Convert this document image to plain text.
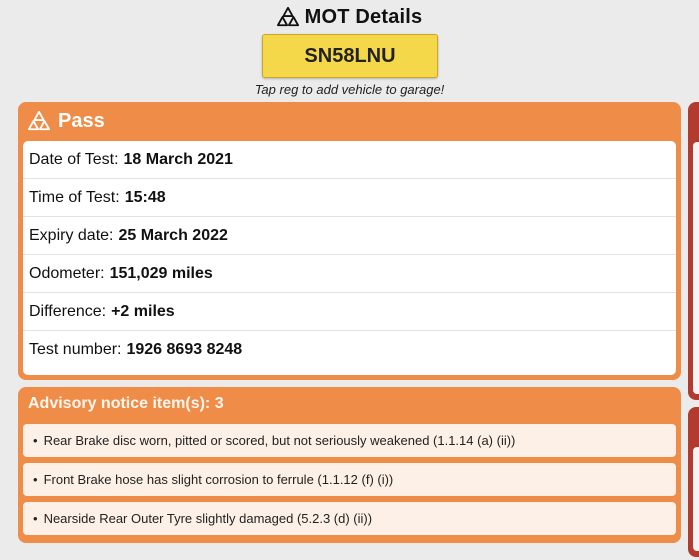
MOT Details
SN58LNU
Tap reg to add vehicle to garage!
Pass
Date of Test: 18 March 2021
Time of Test: 15:48
Expiry date: 25 March 2022
Odometer: 151,029 miles
Difference: +2 miles
Test number: 1926 8693 8248
Advisory notice item(s): 3
• Rear Brake disc worn, pitted or scored, but not seriously weakened (1.1.14 (a) (ii))
• Front Brake hose has slight corrosion to ferrule (1.1.12 (f) (i))
• Nearside Rear Outer Tyre slightly damaged (5.2.3 (d) (ii))
